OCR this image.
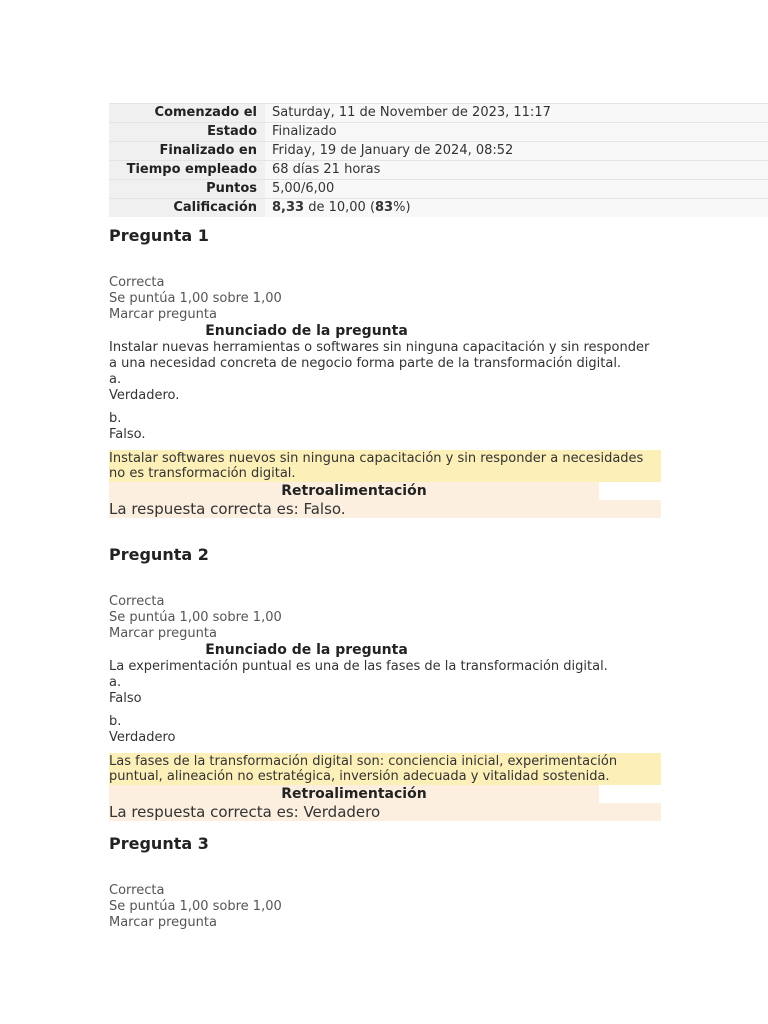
Comenzado el	Saturday, 11 de November de 2023, 11:17
Estado	Finalizado
Finalizado en	Friday, 19 de January de 2024, 08:52
Tiempo empleado	68 días 21 horas
Puntos	5,00/6,00
Calificación	8,33 de 10,00 (83%)
Pregunta 1
Correcta
Se puntúa 1,00 sobre 1,00
Marcar pregunta
Enunciado de la pregunta
Instalar nuevas herramientas o softwares sin ninguna capacitación y sin responder a una necesidad concreta de negocio forma parte de la transformación digital.
a.
Verdadero.
b.
Falso.
Instalar softwares nuevos sin ninguna capacitación y sin responder a necesidades no es transformación digital.
Retroalimentación
La respuesta correcta es: Falso.
Pregunta 2
Correcta
Se puntúa 1,00 sobre 1,00
Marcar pregunta
Enunciado de la pregunta
La experimentación puntual es una de las fases de la transformación digital.
a.
Falso
b.
Verdadero
Las fases de la transformación digital son: conciencia inicial, experimentación puntual, alineación no estratégica, inversión adecuada y vitalidad sostenida.
Retroalimentación
La respuesta correcta es: Verdadero
Pregunta 3
Correcta
Se puntúa 1,00 sobre 1,00
Marcar pregunta
